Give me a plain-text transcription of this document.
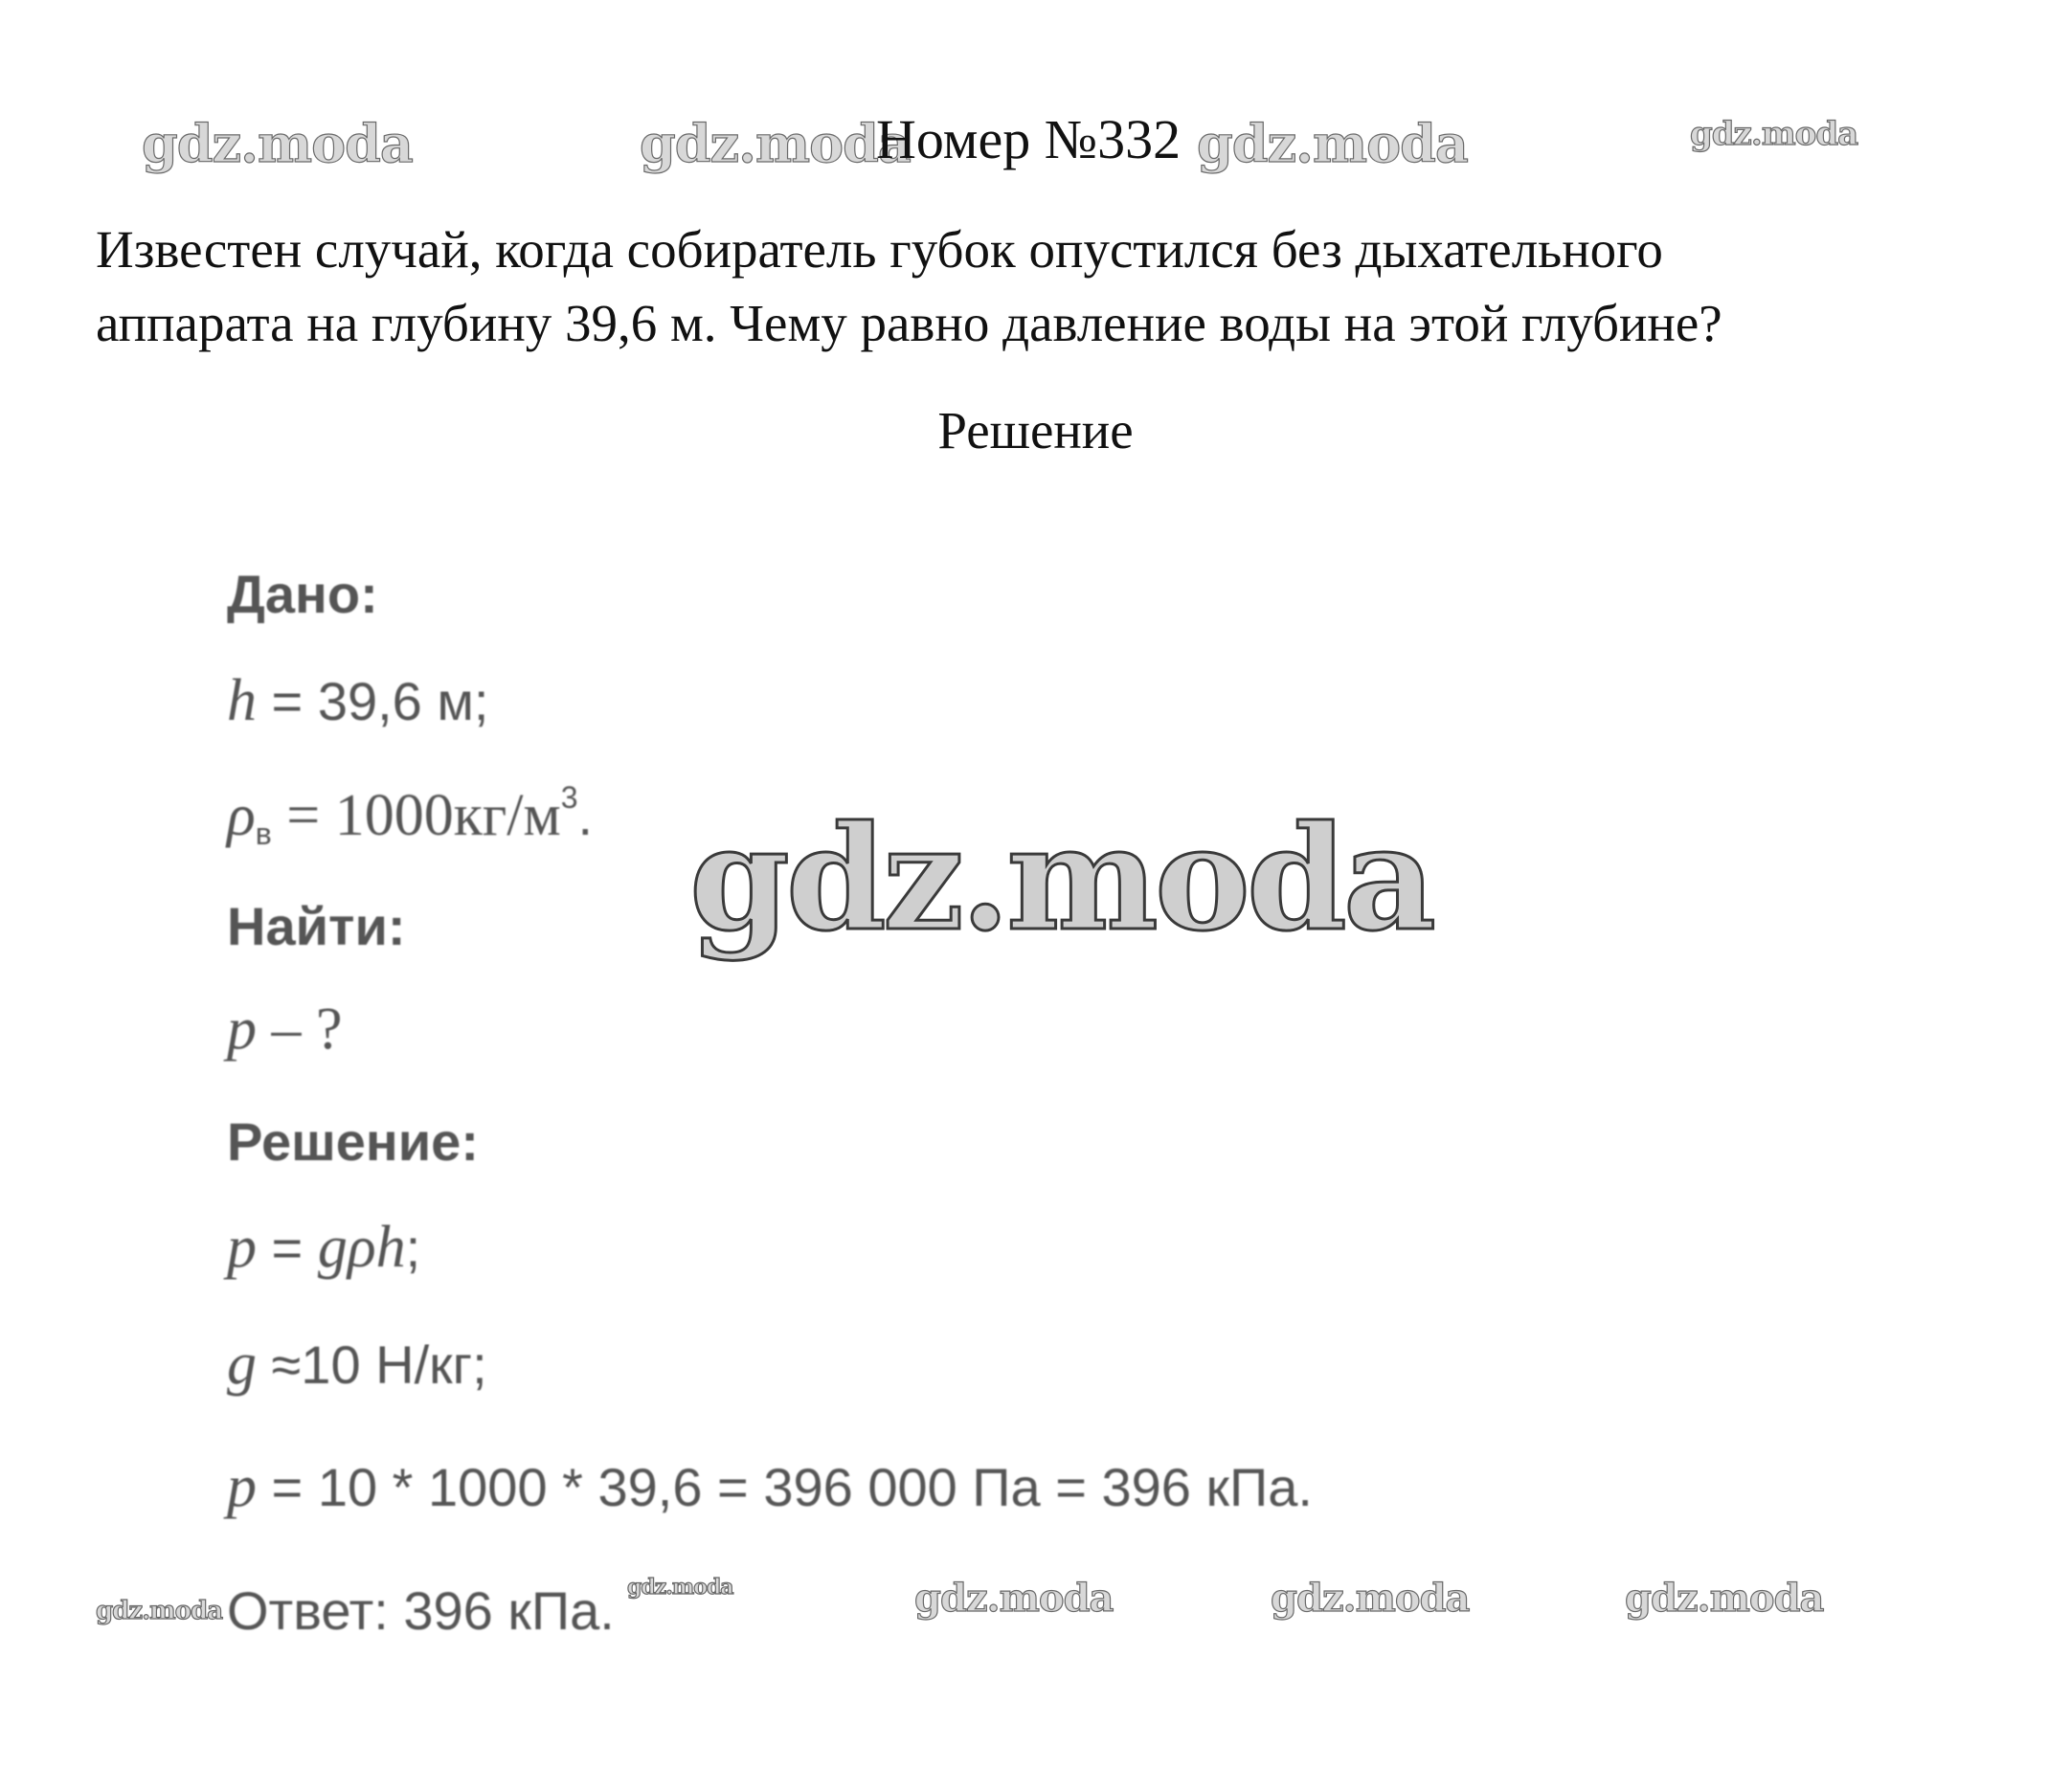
gdz.moda	gdz.moda	gdz.moda	gdz.moda
Номер №332
Известен случай, когда собиратель губок опустился без дыхательного
аппарата на глубину 39,6 м. Чему равно давление воды на этой глубине?
Решение
Дано:
h = 39,6 м;
$\rho_в = 1000кг/м^3$.
Найти:
p – ?
Решение:
p = gρh;
g ≈10 Н/кг;
p = 10 * 1000 * 39,6 = 396 000 Па = 396 кПа.
Ответ: 396 кПа.
gdz.moda
gdz.moda
gdz.moda	gdz.moda	gdz.moda	gdz.moda
